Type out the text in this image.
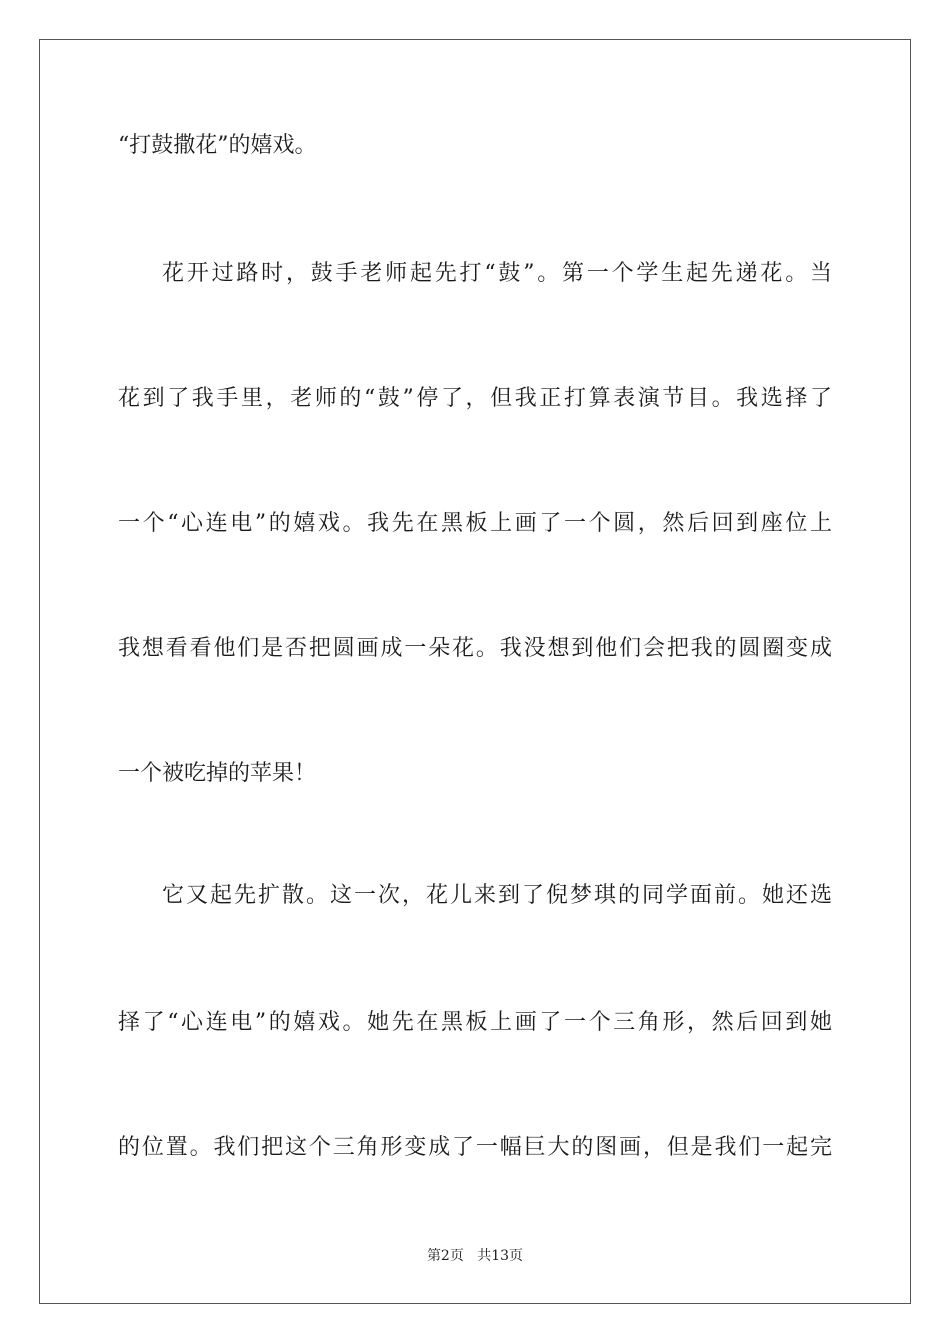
“打鼓撒花”的嬉戏。
花开过路时，鼓手老师起先打“鼓”。第一个学生起先递花。当
花到了我手里，老师的“鼓”停了，但我正打算表演节目。我选择了
一个“心连电”的嬉戏。我先在黑板上画了一个圆，然后回到座位上
我想看看他们是否把圆画成一朵花。我没想到他们会把我的圆圈变成
一个被吃掉的苹果！
它又起先扩散。这一次，花儿来到了倪梦琪的同学面前。她还选
择了“心连电”的嬉戏。她先在黑板上画了一个三角形，然后回到她
的位置。我们把这个三角形变成了一幅巨大的图画，但是我们一起完
第2页 共13页
